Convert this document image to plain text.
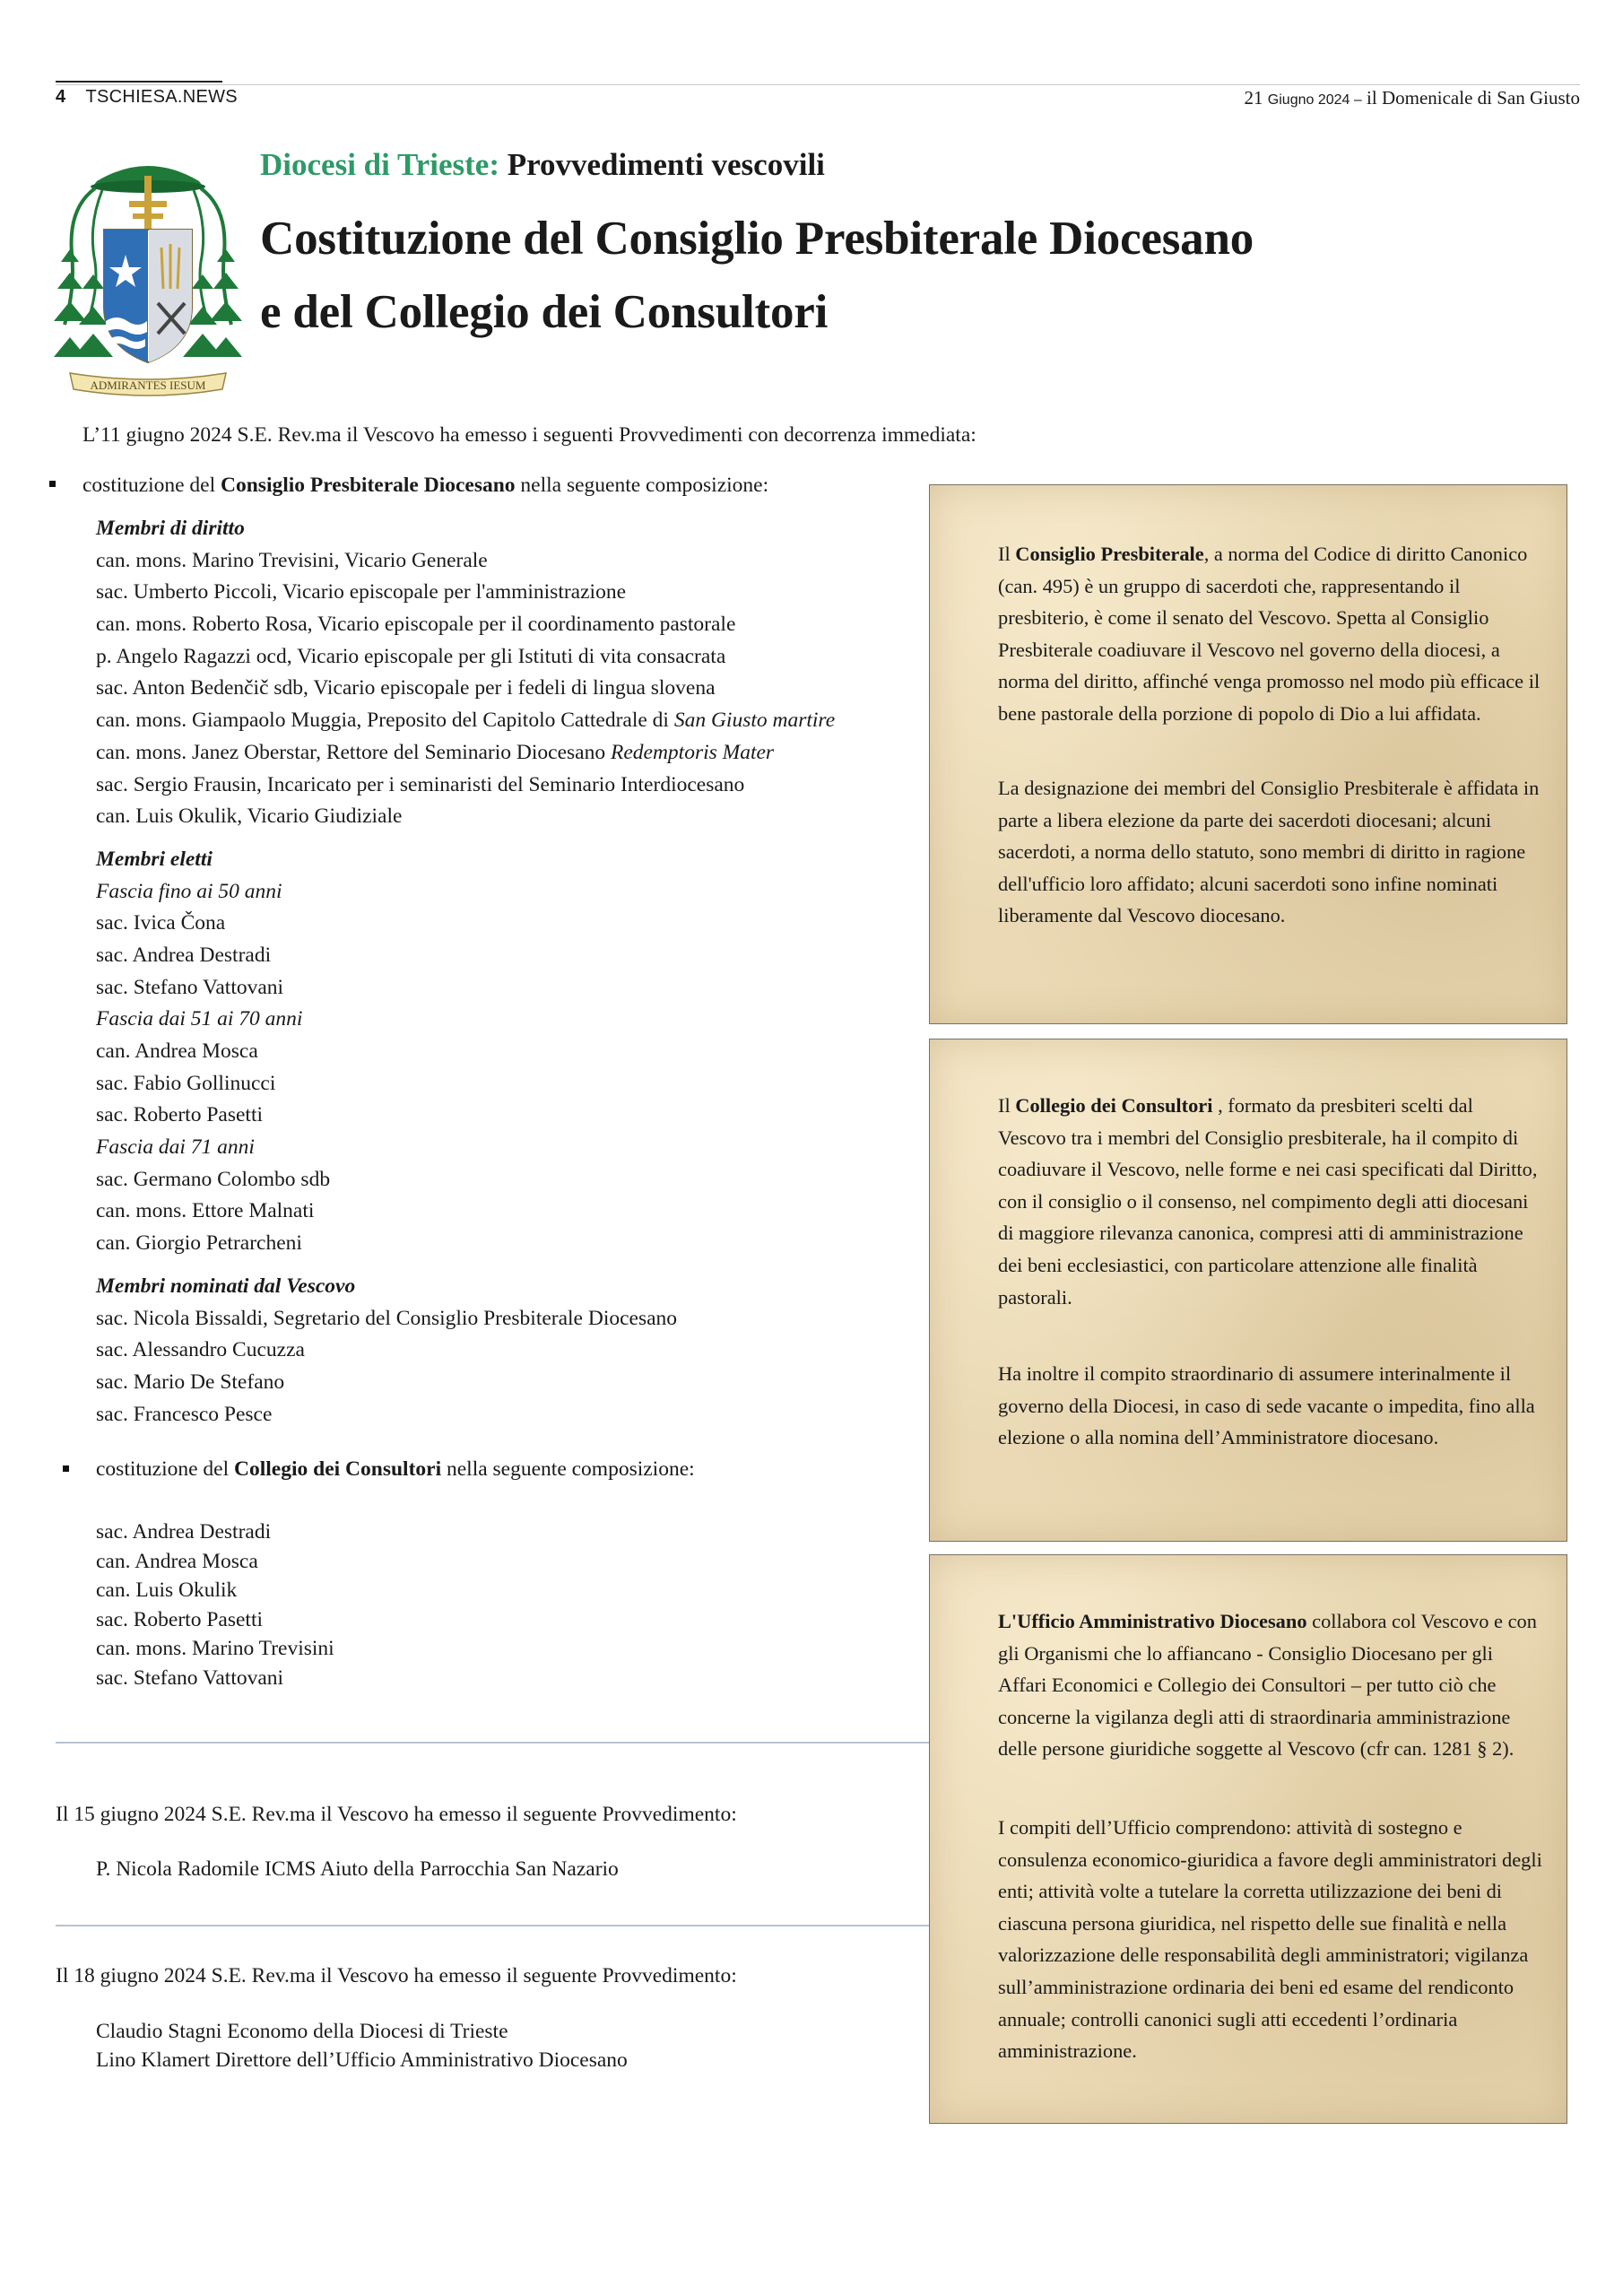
4 TSCHIESA.NEWS	21 Giugno 2024 – il Domenicale di San Giusto
ADMIRANTES IESUM
Diocesi di Trieste: Provvedimenti vescovili
Costituzione del Consiglio Presbiterale Diocesano
e del Collegio dei Consultori
L’11 giugno 2024 S.E. Rev.ma il Vescovo ha emesso i seguenti Provvedimenti con decorrenza immediata:
costituzione del Consiglio Presbiterale Diocesano nella seguente composizione:
Membri di diritto
can. mons. Marino Trevisini, Vicario Generale
sac. Umberto Piccoli, Vicario episcopale per l'amministrazione
can. mons. Roberto Rosa, Vicario episcopale per il coordinamento pastorale
p. Angelo Ragazzi ocd, Vicario episcopale per gli Istituti di vita consacrata
sac. Anton Bedenčič sdb, Vicario episcopale per i fedeli di lingua slovena
can. mons. Giampaolo Muggia, Preposito del Capitolo Cattedrale di San Giusto martire
can. mons. Janez Oberstar, Rettore del Seminario Diocesano Redemptoris Mater
sac. Sergio Frausin, Incaricato per i seminaristi del Seminario Interdiocesano
can. Luis Okulik, Vicario Giudiziale
Membri eletti
Fascia fino ai 50 anni
sac. Ivica Čona
sac. Andrea Destradi
sac. Stefano Vattovani
Fascia dai 51 ai 70 anni
can. Andrea Mosca
sac. Fabio Gollinucci
sac. Roberto Pasetti
Fascia dai 71 anni
sac. Germano Colombo sdb
can. mons. Ettore Malnati
can. Giorgio Petrarcheni
Membri nominati dal Vescovo
sac. Nicola Bissaldi, Segretario del Consiglio Presbiterale Diocesano
sac. Alessandro Cucuzza
sac. Mario De Stefano
sac. Francesco Pesce
costituzione del Collegio dei Consultori nella seguente composizione:
sac. Andrea Destradi
can. Andrea Mosca
can. Luis Okulik
sac. Roberto Pasetti
can. mons. Marino Trevisini
sac. Stefano Vattovani
Il 15 giugno 2024 S.E. Rev.ma il Vescovo ha emesso il seguente Provvedimento:
P. Nicola Radomile ICMS Aiuto della Parrocchia San Nazario
Il 18 giugno 2024 S.E. Rev.ma il Vescovo ha emesso il seguente Provvedimento:
Claudio Stagni Economo della Diocesi di Trieste
Lino Klamert Direttore dell’Ufficio Amministrativo Diocesano
Il Consiglio Presbiterale, a norma del Codice di diritto Canonico (can. 495) è un gruppo di sacerdoti che, rappresentando il presbiterio, è come il senato del Vescovo. Spetta al Consiglio Presbiterale coadiuvare il Vescovo nel governo della diocesi, a norma del diritto, affinché venga promosso nel modo più efficace il bene pastorale della porzione di popolo di Dio a lui affidata.
La designazione dei membri del Consiglio Presbiterale è affidata in parte a libera elezione da parte dei sacerdoti diocesani; alcuni sacerdoti, a norma dello statuto, sono membri di diritto in ragione dell'ufficio loro affidato; alcuni sacerdoti sono infine nominati liberamente dal Vescovo diocesano.
Il Collegio dei Consultori , formato da presbiteri scelti dal Vescovo tra i membri del Consiglio presbiterale, ha il compito di coadiuvare il Vescovo, nelle forme e nei casi specificati dal Diritto, con il consiglio o il consenso, nel compimento degli atti diocesani di maggiore rilevanza canonica, compresi atti di amministrazione dei beni ecclesiastici, con particolare attenzione alle finalità pastorali.
Ha inoltre il compito straordinario di assumere interinalmente il governo della Diocesi, in caso di sede vacante o impedita, fino alla elezione o alla nomina dell’Amministratore diocesano.
L'Ufficio Amministrativo Diocesano collabora col Vescovo e con gli Organismi che lo affiancano - Consiglio Diocesano per gli Affari Economici e Collegio dei Consultori – per tutto ciò che concerne la vigilanza degli atti di straordinaria amministrazione delle persone giuridiche soggette al Vescovo (cfr can. 1281 § 2).
I compiti dell’Ufficio comprendono: attività di sostegno e consulenza economico-giuridica a favore degli amministratori degli enti; attività volte a tutelare la corretta utilizzazione dei beni di ciascuna persona giuridica, nel rispetto delle sue finalità e nella valorizzazione delle responsabilità degli amministratori; vigilanza sull’amministrazione ordinaria dei beni ed esame del rendiconto annuale; controlli canonici sugli atti eccedenti l’ordinaria amministrazione.
